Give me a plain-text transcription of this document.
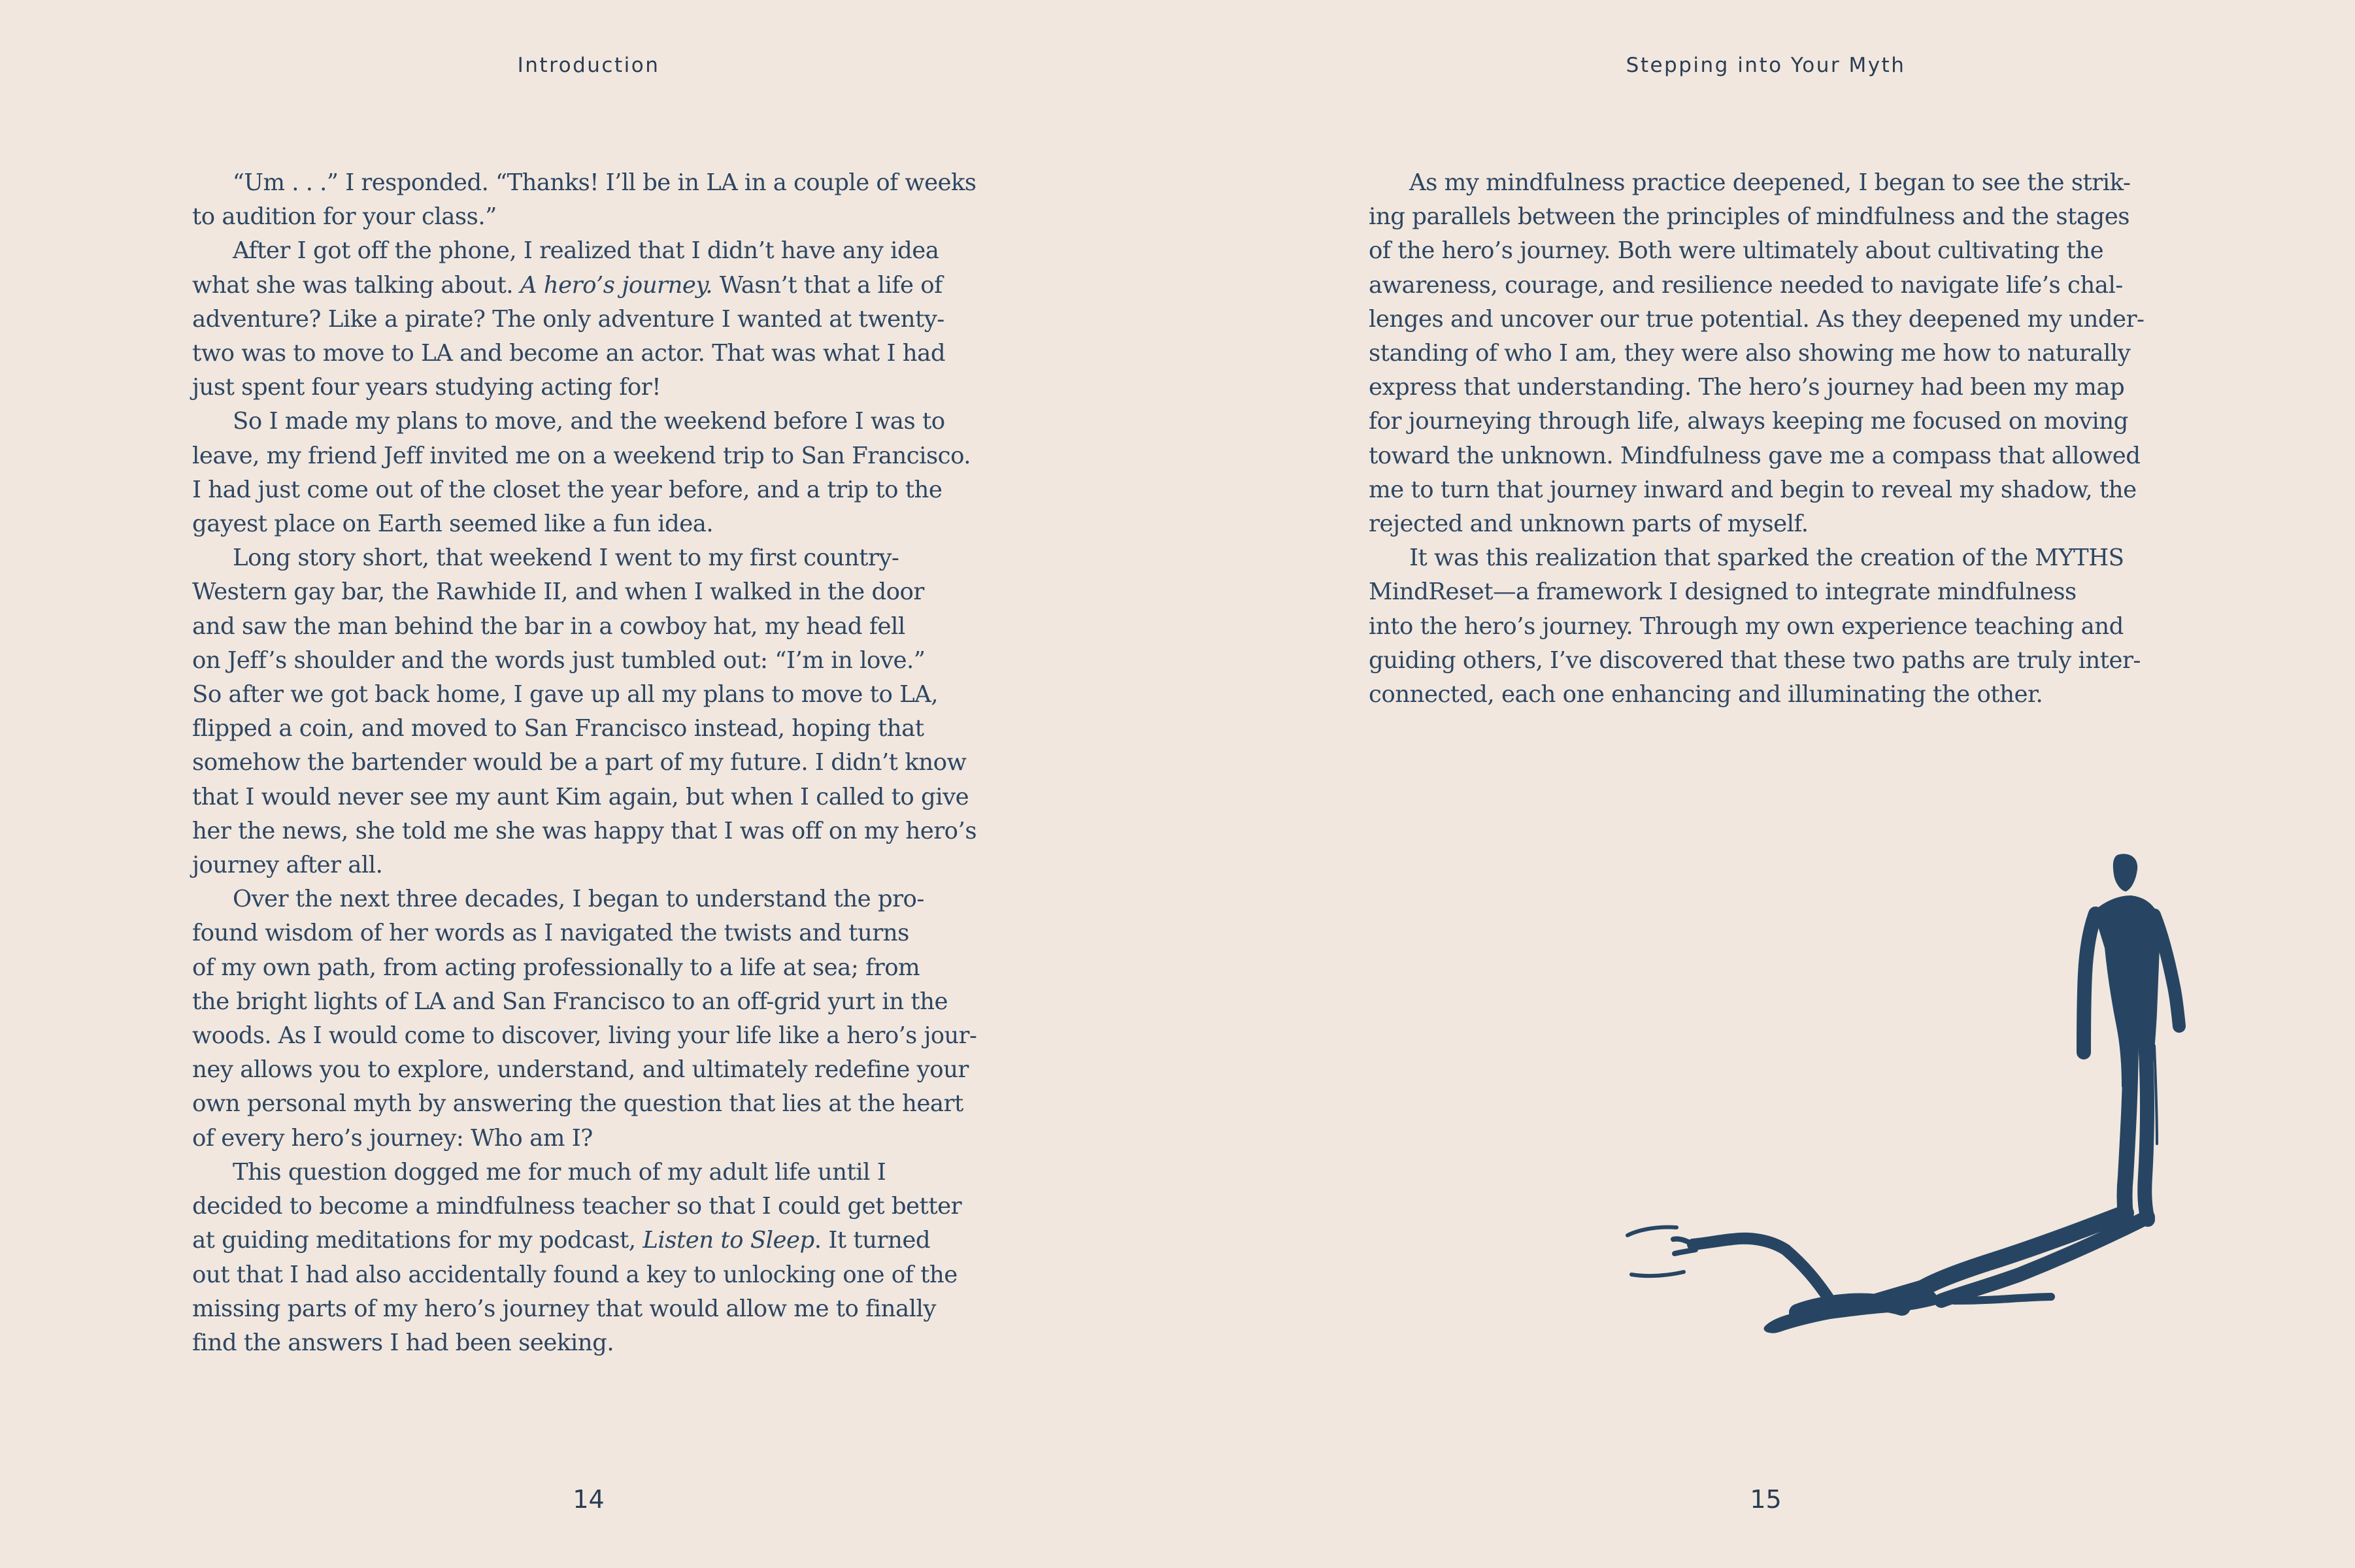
Introduction
“Um . . .” I responded. “Thanks! I’ll be in LA in a couple of weeks
to audition for your class.”
After I got off the phone, I realized that I didn’t have any idea
what she was talking about. A hero’s journey. Wasn’t that a life of
adventure? Like a pirate? The only adventure I wanted at twenty-
two was to move to LA and become an actor. That was what I had
just spent four years studying acting for!
So I made my plans to move, and the weekend before I was to
leave, my friend Jeff invited me on a weekend trip to San Francisco.
I had just come out of the closet the year before, and a trip to the
gayest place on Earth seemed like a fun idea.
Long story short, that weekend I went to my first country-
Western gay bar, the Rawhide II, and when I walked in the door
and saw the man behind the bar in a cowboy hat, my head fell
on Jeff’s shoulder and the words just tumbled out: “I’m in love.”
So after we got back home, I gave up all my plans to move to LA,
flipped a coin, and moved to San Francisco instead, hoping that
somehow the bartender would be a part of my future. I didn’t know
that I would never see my aunt Kim again, but when I called to give
her the news, she told me she was happy that I was off on my hero’s
journey after all.
Over the next three decades, I began to understand the pro-
found wisdom of her words as I navigated the twists and turns
of my own path, from acting professionally to a life at sea; from
the bright lights of LA and San Francisco to an off-grid yurt in the
woods. As I would come to discover, living your life like a hero’s jour-
ney allows you to explore, understand, and ultimately redefine your
own personal myth by answering the question that lies at the heart
of every hero’s journey: Who am I?
This question dogged me for much of my adult life until I
decided to become a mindfulness teacher so that I could get better
at guiding meditations for my podcast, Listen to Sleep. It turned
out that I had also accidentally found a key to unlocking one of the
missing parts of my hero’s journey that would allow me to finally
find the answers I had been seeking.
14
Stepping into Your Myth
As my mindfulness practice deepened, I began to see the strik-
ing parallels between the principles of mindfulness and the stages
of the hero’s journey. Both were ultimately about cultivating the
awareness, courage, and resilience needed to navigate life’s chal-
lenges and uncover our true potential. As they deepened my under-
standing of who I am, they were also showing me how to naturally
express that understanding. The hero’s journey had been my map
for journeying through life, always keeping me focused on moving
toward the unknown. Mindfulness gave me a compass that allowed
me to turn that journey inward and begin to reveal my shadow, the
rejected and unknown parts of myself.
It was this realization that sparked the creation of the MYTHS
MindReset—a framework I designed to integrate mindfulness
into the hero’s journey. Through my own experience teaching and
guiding others, I’ve discovered that these two paths are truly inter-
connected, each one enhancing and illuminating the other.
15
